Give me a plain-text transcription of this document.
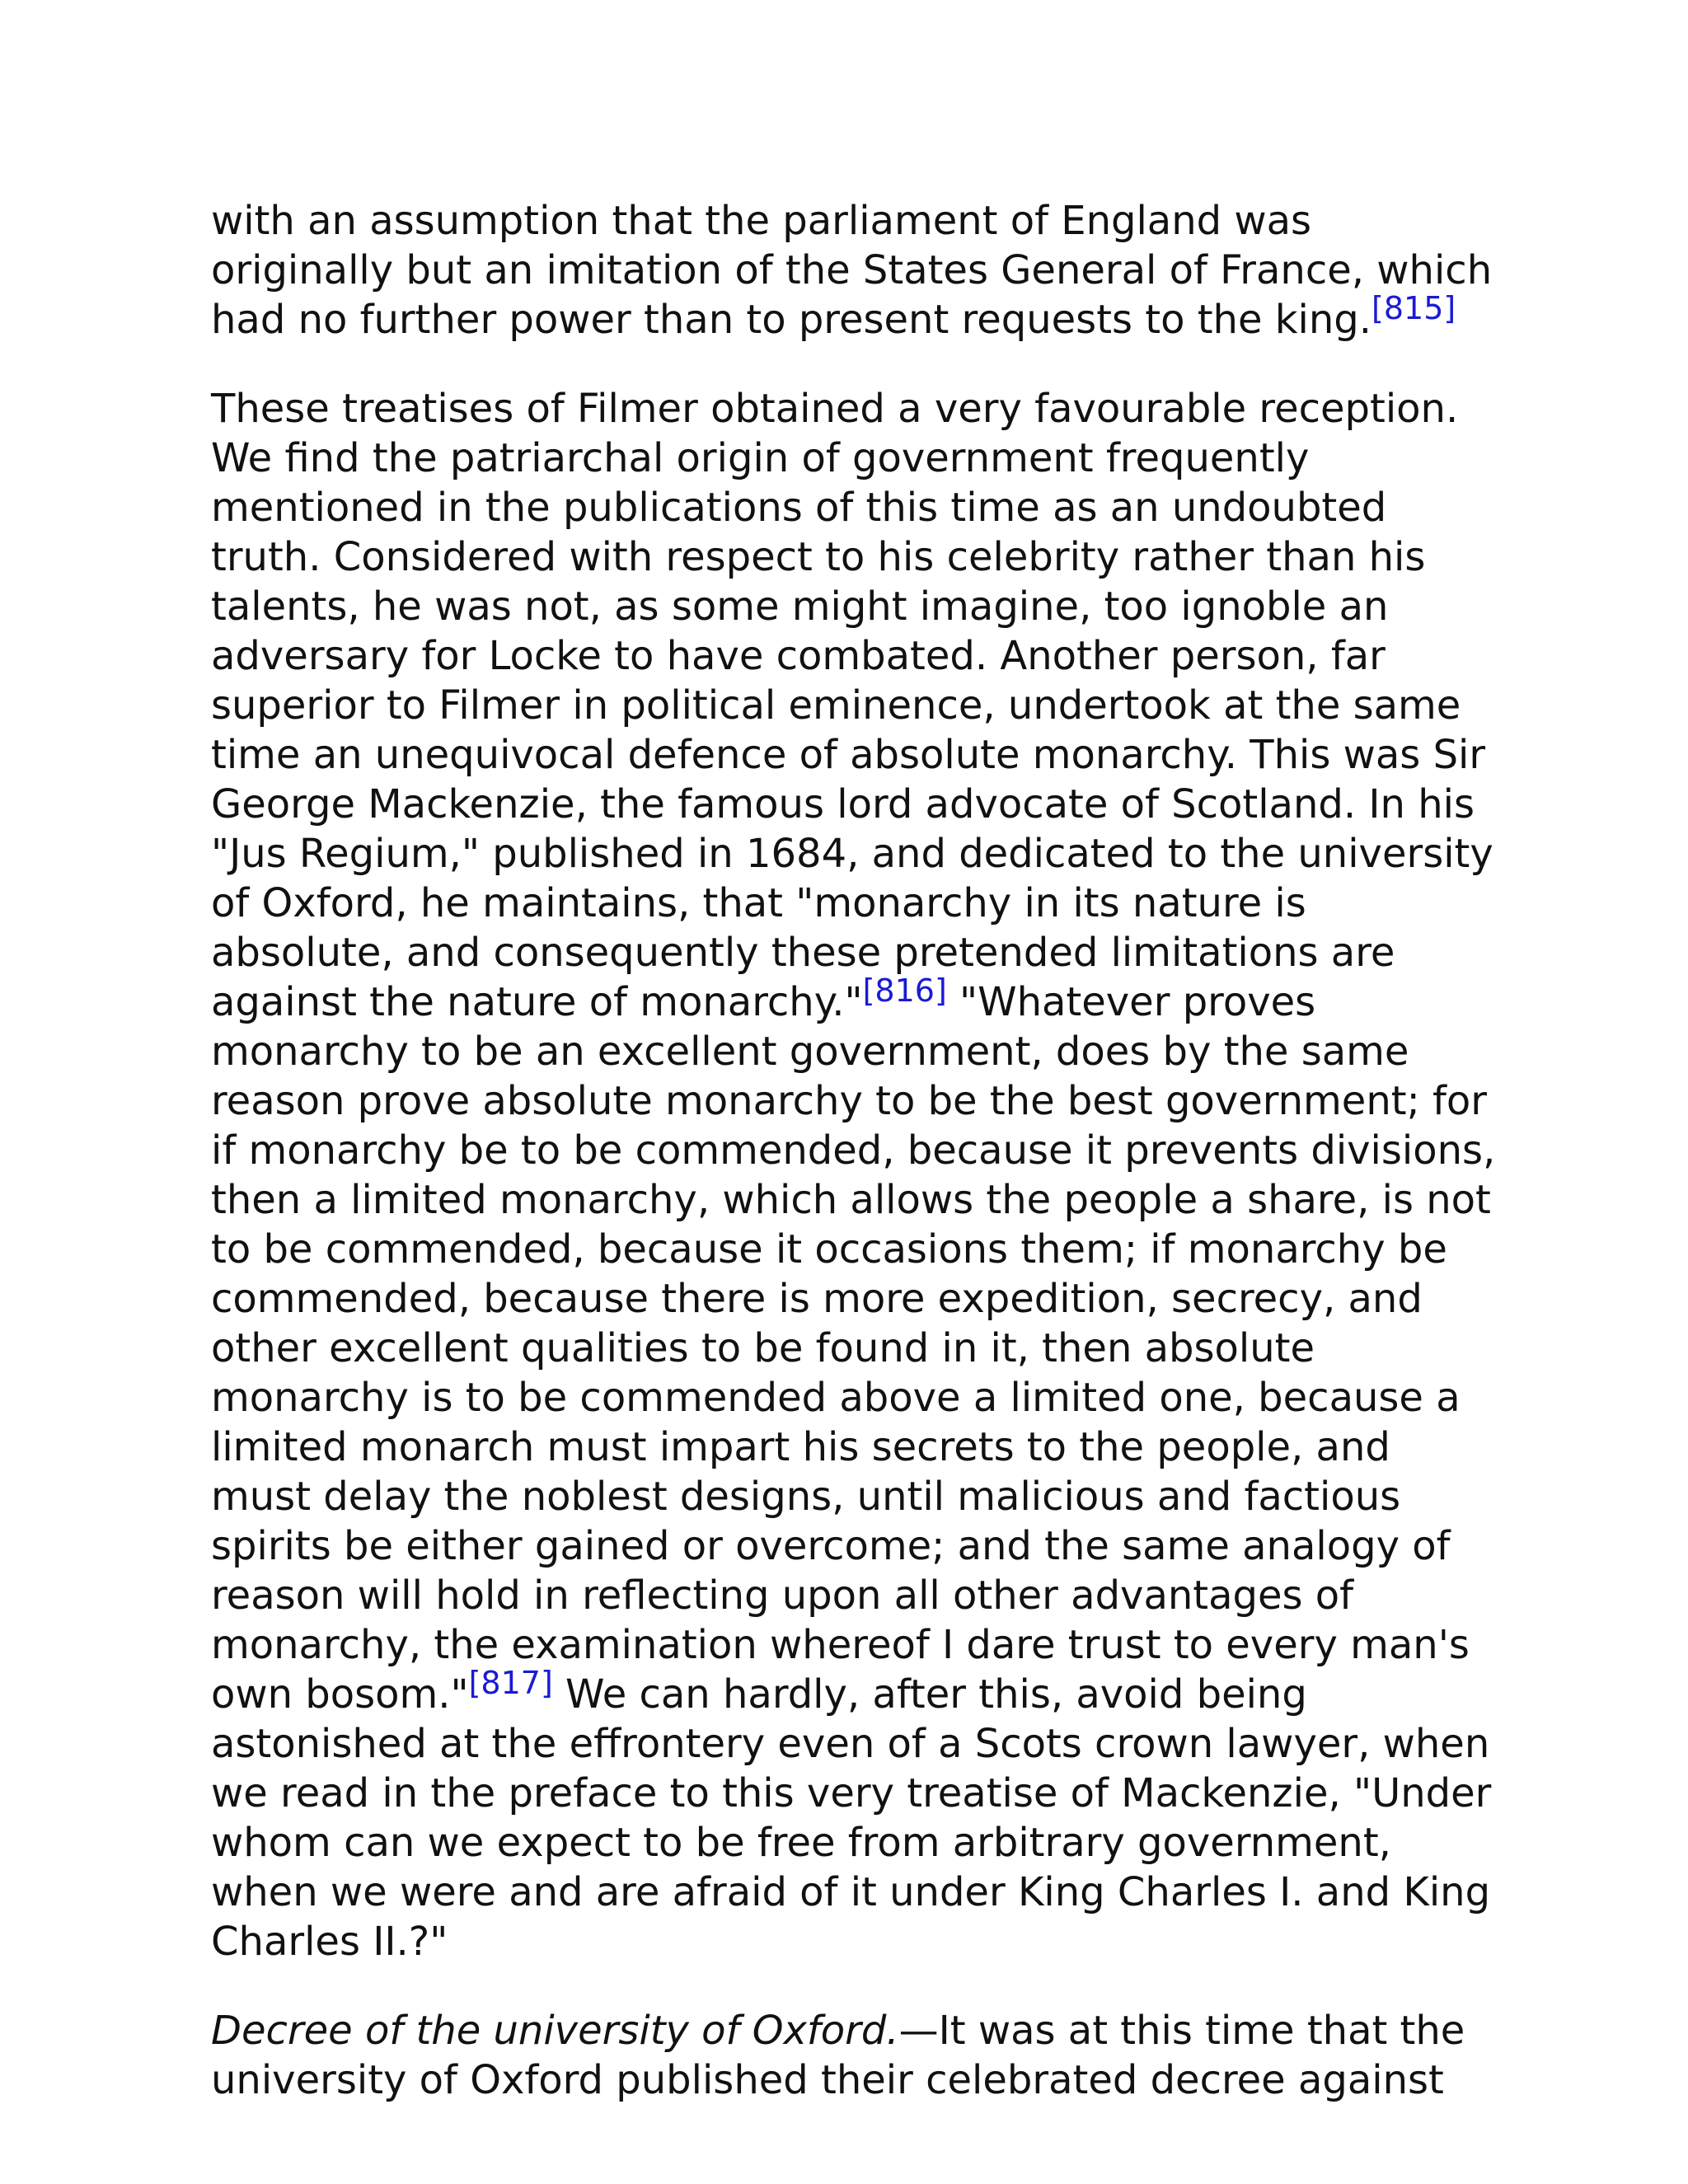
with an assumption that the parliament of England was originally but an imitation of the States General of France, which had no further power than to present requests to the king.[815]

These treatises of Filmer obtained a very favourable reception. We find the patriarchal origin of government frequently mentioned in the publications of this time as an undoubted truth. Considered with respect to his celebrity rather than his talents, he was not, as some might imagine, too ignoble an adversary for Locke to have combated. Another person, far superior to Filmer in political eminence, undertook at the same time an unequivocal defence of absolute monarchy. This was Sir George Mackenzie, the famous lord advocate of Scotland. In his "Jus Regium," published in 1684, and dedicated to the university of Oxford, he maintains, that "monarchy in its nature is absolute, and consequently these pretended limitations are against the nature of monarchy."[816] "Whatever proves monarchy to be an excellent government, does by the same reason prove absolute monarchy to be the best government; for if monarchy be to be commended, because it prevents divisions, then a limited monarchy, which allows the people a share, is not to be commended, because it occasions them; if monarchy be commended, because there is more expedition, secrecy, and other excellent qualities to be found in it, then absolute monarchy is to be commended above a limited one, because a limited monarch must impart his secrets to the people, and must delay the noblest designs, until malicious and factious spirits be either gained or overcome; and the same analogy of reason will hold in reflecting upon all other advantages of monarchy, the examination whereof I dare trust to every man's own bosom."[817] We can hardly, after this, avoid being astonished at the effrontery even of a Scots crown lawyer, when we read in the preface to this very treatise of Mackenzie, "Under whom can we expect to be free from arbitrary government, when we were and are afraid of it under King Charles I. and King Charles II.?"

Decree of the university of Oxford.—It was at this time that the university of Oxford published their celebrated decree against
